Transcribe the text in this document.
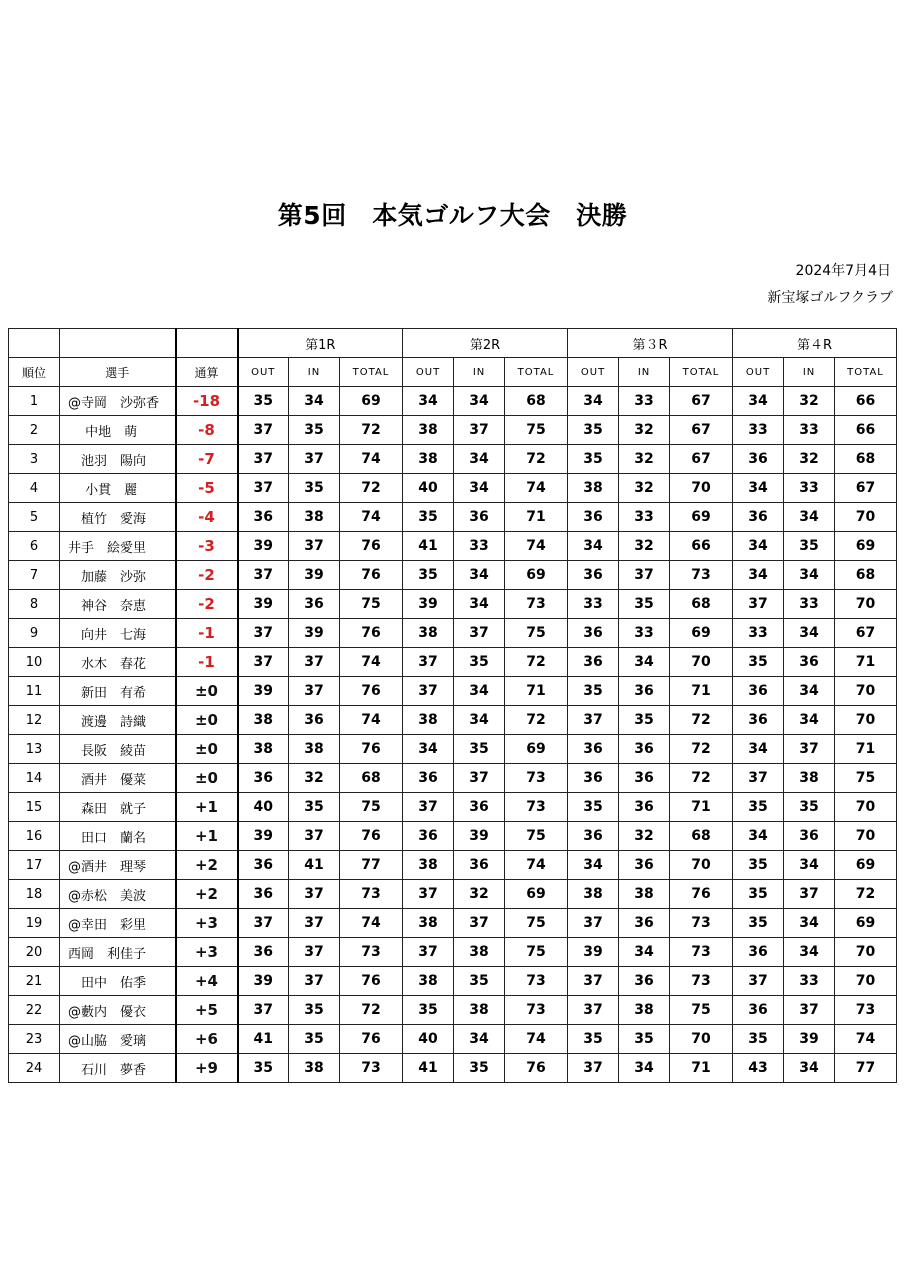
第5回　本気ゴルフ大会　決勝
2024年7月4日
新宝塚ゴルフクラブ
			第1R			第2R			第３R			第４R		
順位	選手	通算	OUT	IN	TOTAL	OUT	IN	TOTAL	OUT	IN	TOTAL	OUT	IN	TOTAL
1	@寺岡　沙弥香	-18	35	34	69	34	34	68	34	33	67	34	32	66
2	　 中地　萌	-8	37	35	72	38	37	75	35	32	67	33	33	66
3	　池羽　陽向	-7	37	37	74	38	34	72	35	32	67	36	32	68
4	　 小貫　麗	-5	37	35	72	40	34	74	38	32	70	34	33	67
5	　植竹　愛海	-4	36	38	74	35	36	71	36	33	69	36	34	70
6	井手　絵愛里	-3	39	37	76	41	33	74	34	32	66	34	35	69
7	　加藤　沙弥	-2	37	39	76	35	34	69	36	37	73	34	34	68
8	　神谷　奈恵	-2	39	36	75	39	34	73	33	35	68	37	33	70
9	　向井　七海	-1	37	39	76	38	37	75	36	33	69	33	34	67
10	　水木　春花	-1	37	37	74	37	35	72	36	34	70	35	36	71
11	　新田　有希	±0	39	37	76	37	34	71	35	36	71	36	34	70
12	　渡邊　詩織	±0	38	36	74	38	34	72	37	35	72	36	34	70
13	　長阪　綾苗	±0	38	38	76	34	35	69	36	36	72	34	37	71
14	　酒井　優菜	±0	36	32	68	36	37	73	36	36	72	37	38	75
15	　森田　就子	+1	40	35	75	37	36	73	35	36	71	35	35	70
16	　田口　蘭名	+1	39	37	76	36	39	75	36	32	68	34	36	70
17	@酒井　理琴	+2	36	41	77	38	36	74	34	36	70	35	34	69
18	@赤松　美波	+2	36	37	73	37	32	69	38	38	76	35	37	72
19	@幸田　彩里	+3	37	37	74	38	37	75	37	36	73	35	34	69
20	西岡　利佳子	+3	36	37	73	37	38	75	39	34	73	36	34	70
21	　田中　佑季	+4	39	37	76	38	35	73	37	36	73	37	33	70
22	@藪内　優衣	+5	37	35	72	35	38	73	37	38	75	36	37	73
23	@山脇　愛璃	+6	41	35	76	40	34	74	35	35	70	35	39	74
24	　石川　夢香	+9	35	38	73	41	35	76	37	34	71	43	34	77
